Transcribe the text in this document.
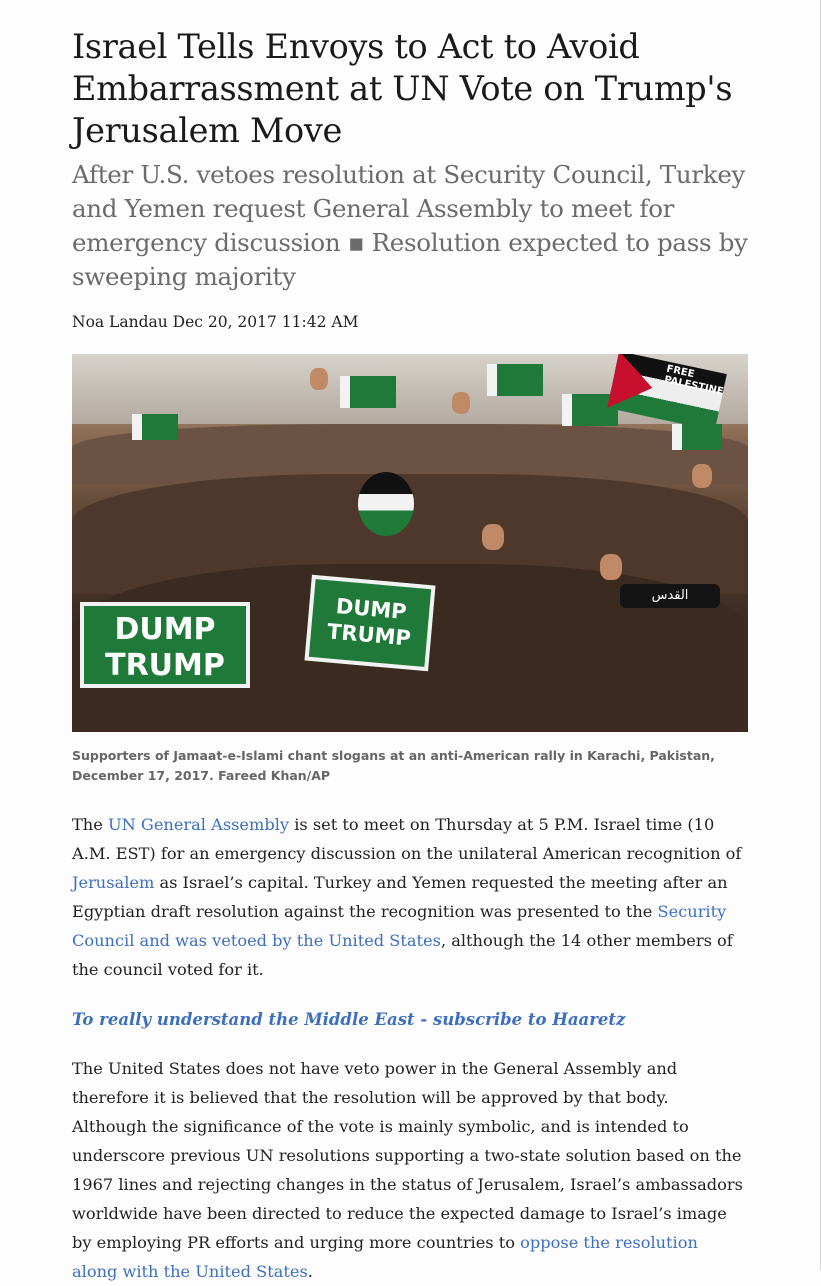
Israel Tells Envoys to Act to Avoid Embarrassment at UN Vote on Trump's Jerusalem Move
After U.S. vetoes resolution at Security Council, Turkey and Yemen request General Assembly to meet for emergency discussion ▪ Resolution expected to pass by sweeping majority
Noa Landau Dec 20, 2017 11:42 AM
FREE PALESTINE
DUMP TRUMP
DUMP TRUMP
القدس
Supporters of Jamaat-e-Islami chant slogans at an anti-American rally in Karachi, Pakistan, December 17, 2017. Fareed Khan/AP

The UN General Assembly is set to meet on Thursday at 5 P.M. Israel time (10 A.M. EST) for an emergency discussion on the unilateral American recognition of Jerusalem as Israel’s capital. Turkey and Yemen requested the meeting after an Egyptian draft resolution against the recognition was presented to the Security Council and was vetoed by the United States, although the 14 other members of the council voted for it.

To really understand the Middle East - subscribe to Haaretz

The United States does not have veto power in the General Assembly and therefore it is believed that the resolution will be approved by that body. Although the significance of the vote is mainly symbolic, and is intended to underscore previous UN resolutions supporting a two-state solution based on the 1967 lines and rejecting changes in the status of Jerusalem, Israel’s ambassadors worldwide have been directed to reduce the expected damage to Israel’s image by employing PR efforts and urging more countries to oppose the resolution along with the United States.
